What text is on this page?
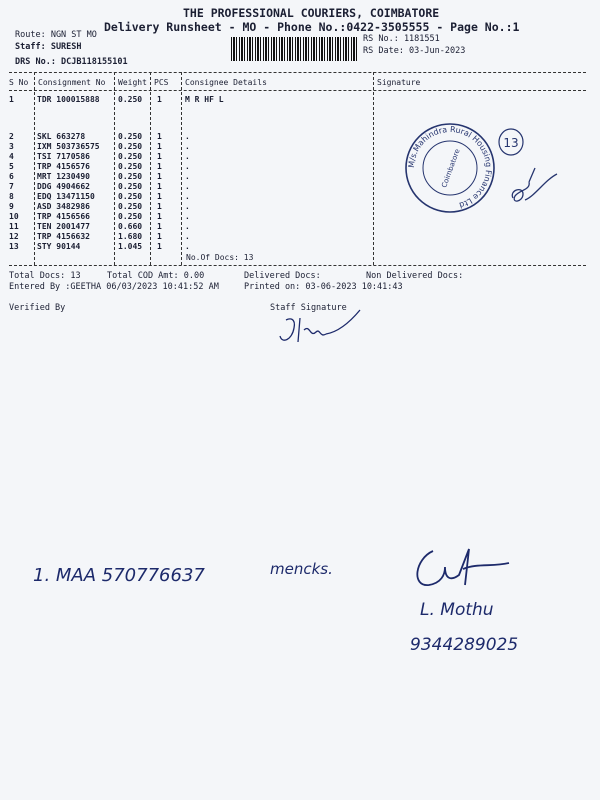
THE PROFESSIONAL COURIERS, COIMBATORE
Delivery Runsheet - MO - Phone No.:0422-3505555 - Page No.:1
Route: NGN ST MO
Staff: SURESH
DRS No.: DCJB118155101
RS No.: 1181551
RS Date: 03-Jun-2023
S No Consignment No Weight PCS Consignee Details	Signature
1	TDR 100015888 0.250 1	M R HF L
2	SKL 663278	0.250 1	.
3	IXM 503736575 0.250 1	.
4	TSI 7170586	0.250 1	.
5	TRP 4156576	0.250 1	.
6	MRT 1230490	0.250 1	.
7	DDG 4904662	0.250 1	.
8	EDQ 13471150	0.250 1	.
9	ASD 3482986	0.250 1	.
10 TRP 4156566	0.250 1	.
11 TEN 2001477	0.660 1	.
12 TRP 4156632	1.680 1	.
13 STY 90144	1.045 1	.
No.Of Docs: 13
M/s.Mahindra Rural Housing Finance Ltd
Coimbatore
13
Total Docs: 13	Total COD Amt: 0.00	Delivered Docs:	Non Delivered Docs:
Entered By :GEETHA 06/03/2023 10:41:52 AM	Printed on: 03-06-2023 10:41:43
Verified By	Staff Signature
1. MAA 570776637	mencks.
L. Mothu
9344289025
